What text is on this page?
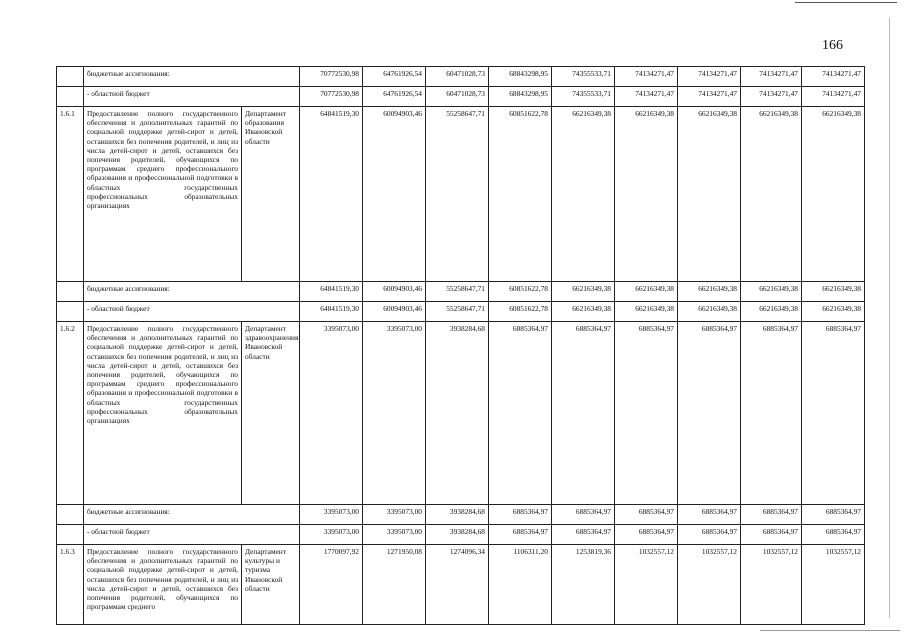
166
	бюджетные ассигнования:		70772530,98	64761926,54	60471028,73	68843298,95	74355533,71	74134271,47	74134271,47	74134271,47	74134271,47
	- областной бюджет		70772530,98	64761926,54	60471028,73	68843298,95	74355533,71	74134271,47	74134271,47	74134271,47	74134271,47
1.6.1	Предоставление полного государственного обеспечения и дополнительных гарантий по социальной поддержке детей-сирот и детей, оставшихся без попечения родителей, и лиц из числа детей-сирот и детей, оставшихся без попечения родителей, обучающихся по программам среднего профессионального образования и профессиональной подготовки в областных государственных профессиональных образовательных организациях	Департамент образования Ивановской области	64841519,30	60094903,46	55258647,71	60851622,78	66216349,38	66216349,38	66216349,38	66216349,38	66216349,38
	бюджетные ассигнования:		64841519,30	60094903,46	55258647,71	60851622,78	66216349,38	66216349,38	66216349,38	66216349,38	66216349,38
	- областной бюджет		64841519,30	60094903,46	55258647,71	60851622,78	66216349,38	66216349,38	66216349,38	66216349,38	66216349,38
1.6.2	Предоставление полного государственного обеспечения и дополнительных гарантий по социальной поддержке детей-сирот и детей, оставшихся без попечения родителей, и лиц из числа детей-сирот и детей, оставшихся без попечения родителей, обучающихся по программам среднего профессионального образования и профессиональной подготовки в областных государственных профессиональных образовательных организациях	Департамент здравоохранения Ивановской области	3395073,00	3395073,00	3938284,68	6885364,97	6885364,97	6885364,97	6885364,97	6885364,97	6885364,97
	бюджетные ассигнования:		3395073,00	3395073,00	3938284,68	6885364,97	6885364,97	6885364,97	6885364,97	6885364,97	6885364,97
	- областной бюджет		3395073,00	3395073,00	3938284,68	6885364,97	6885364,97	6885364,97	6885364,97	6885364,97	6885364,97
1.6.3	Предоставление полного государственного обеспечения и дополнительных гарантий по социальной поддержке детей-сирот и детей, оставшихся без попечения родителей, и лиц из числа детей-сирот и детей, оставшихся без попечения родителей, обучающихся по программам среднего	Департамент культуры и туризма Ивановской области	1770097,92	1271950,08	1274096,34	1106311,20	1253819,36	1032557,12	1032557,12	1032557,12	1032557,12
